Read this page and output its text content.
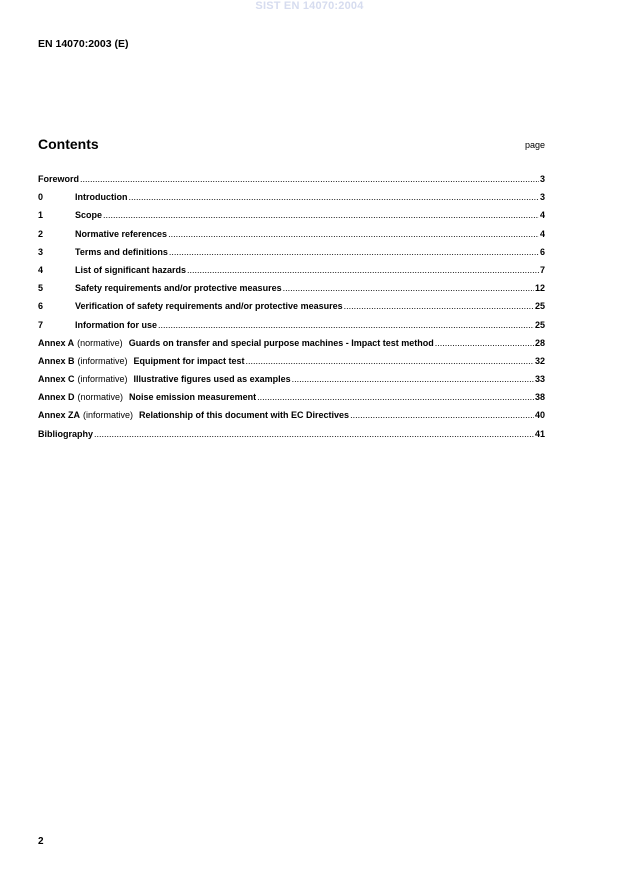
SIST EN 14070:2004
EN 14070:2003 (E)
Contents	page
Foreword .....	3
0	Introduction .....	3
1	Scope .....	4
2	Normative references .....	4
3	Terms and definitions .....	6
4	List of significant hazards .....	7
5	Safety requirements and/or protective measures .....	12
6	Verification of safety requirements and/or protective measures .....	25
7	Information for use .....	25
Annex A (normative) Guards on transfer and special purpose machines - Impact test method .....	28
Annex B (informative) Equipment for impact test .....	32
Annex C (informative) Illustrative figures used as examples .....	33
Annex D (normative) Noise emission measurement .....	38
Annex ZA (informative) Relationship of this document with EC Directives .....	40
Bibliography .....	41
2
